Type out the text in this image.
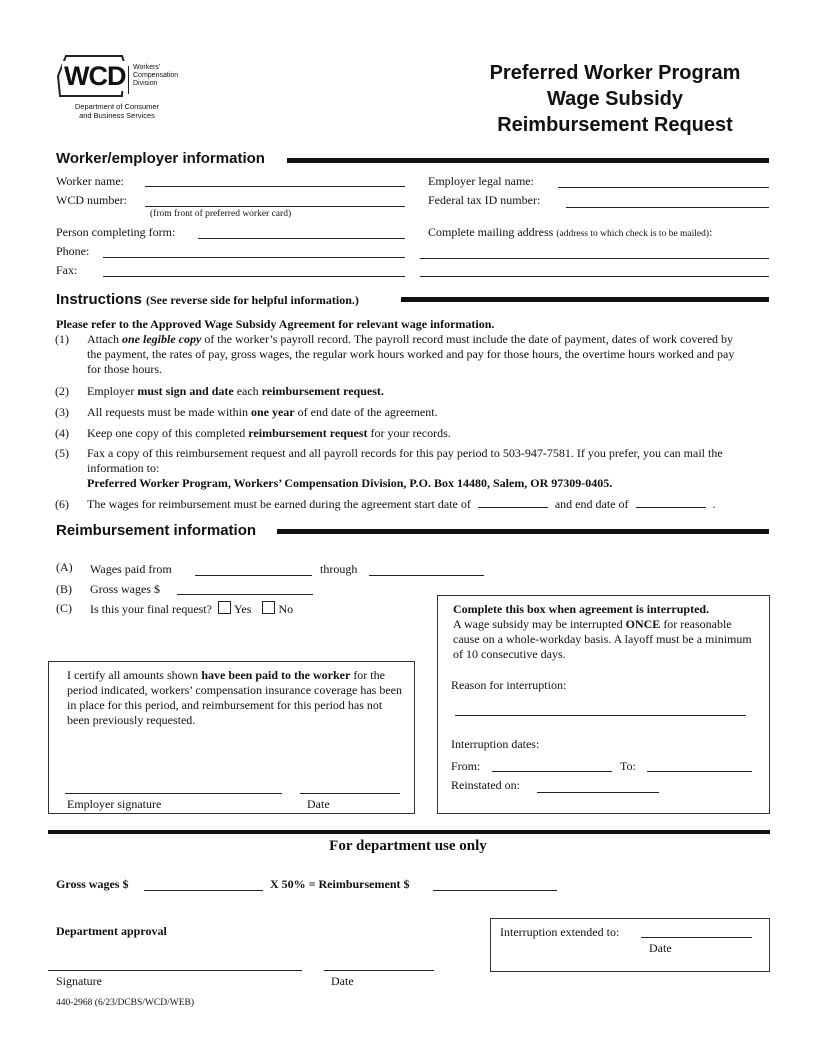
WCD Workers'
Compensation
Division
Department of Consumer
and Business Services
Preferred Worker Program
Wage Subsidy
Reimbursement Request
Worker/employer information
Worker name:
WCD number:
(from front of preferred worker card)
Person completing form:
Phone:
Fax:
Employer legal name:
Federal tax ID number:
Complete mailing address (address to which check is to be mailed):
Instructions (See reverse side for helpful information.)
Please refer to the Approved Wage Subsidy Agreement for relevant wage information.
(1) Attach one legible copy of the worker’s payroll record. The payroll record must include the date of payment, dates of work covered by the payment, the rates of pay, gross wages, the regular work hours worked and pay for those hours, the overtime hours worked and pay for those hours.
(2) Employer must sign and date each reimbursement request.
(3) All requests must be made within one year of end date of the agreement.
(4) Keep one copy of this completed reimbursement request for your records.
(5) Fax a copy of this reimbursement request and all payroll records for this pay period to 503-947-7581. If you prefer, you can mail the information to:
Preferred Worker Program, Workers’ Compensation Division, P.O. Box 14480, Salem, OR 97309-0405.
(6) The wages for reimbursement must be earned during the agreement start date of	and end date of	.
Reimbursement information
(A) Wages paid from	through
(B) Gross wages $
(C) Is this your final request? Yes No
I certify all amounts shown have been paid to the worker for the period indicated, workers’ compensation insurance coverage has been in place for this period, and reimbursement for this period has not been previously requested.
Employer signature	Date
Complete this box when agreement is interrupted.
A wage subsidy may be interrupted ONCE for reasonable cause on a whole-workday basis. A layoff must be a minimum of 10 consecutive days.
Reason for interruption:
Interruption dates:
From:	To:
Reinstated on:
For department use only
Gross wages $	X 50% = Reimbursement $
Department approval	Interruption extended to:
Date
Signature	Date
440-2968 (6/23/DCBS/WCD/WEB)
